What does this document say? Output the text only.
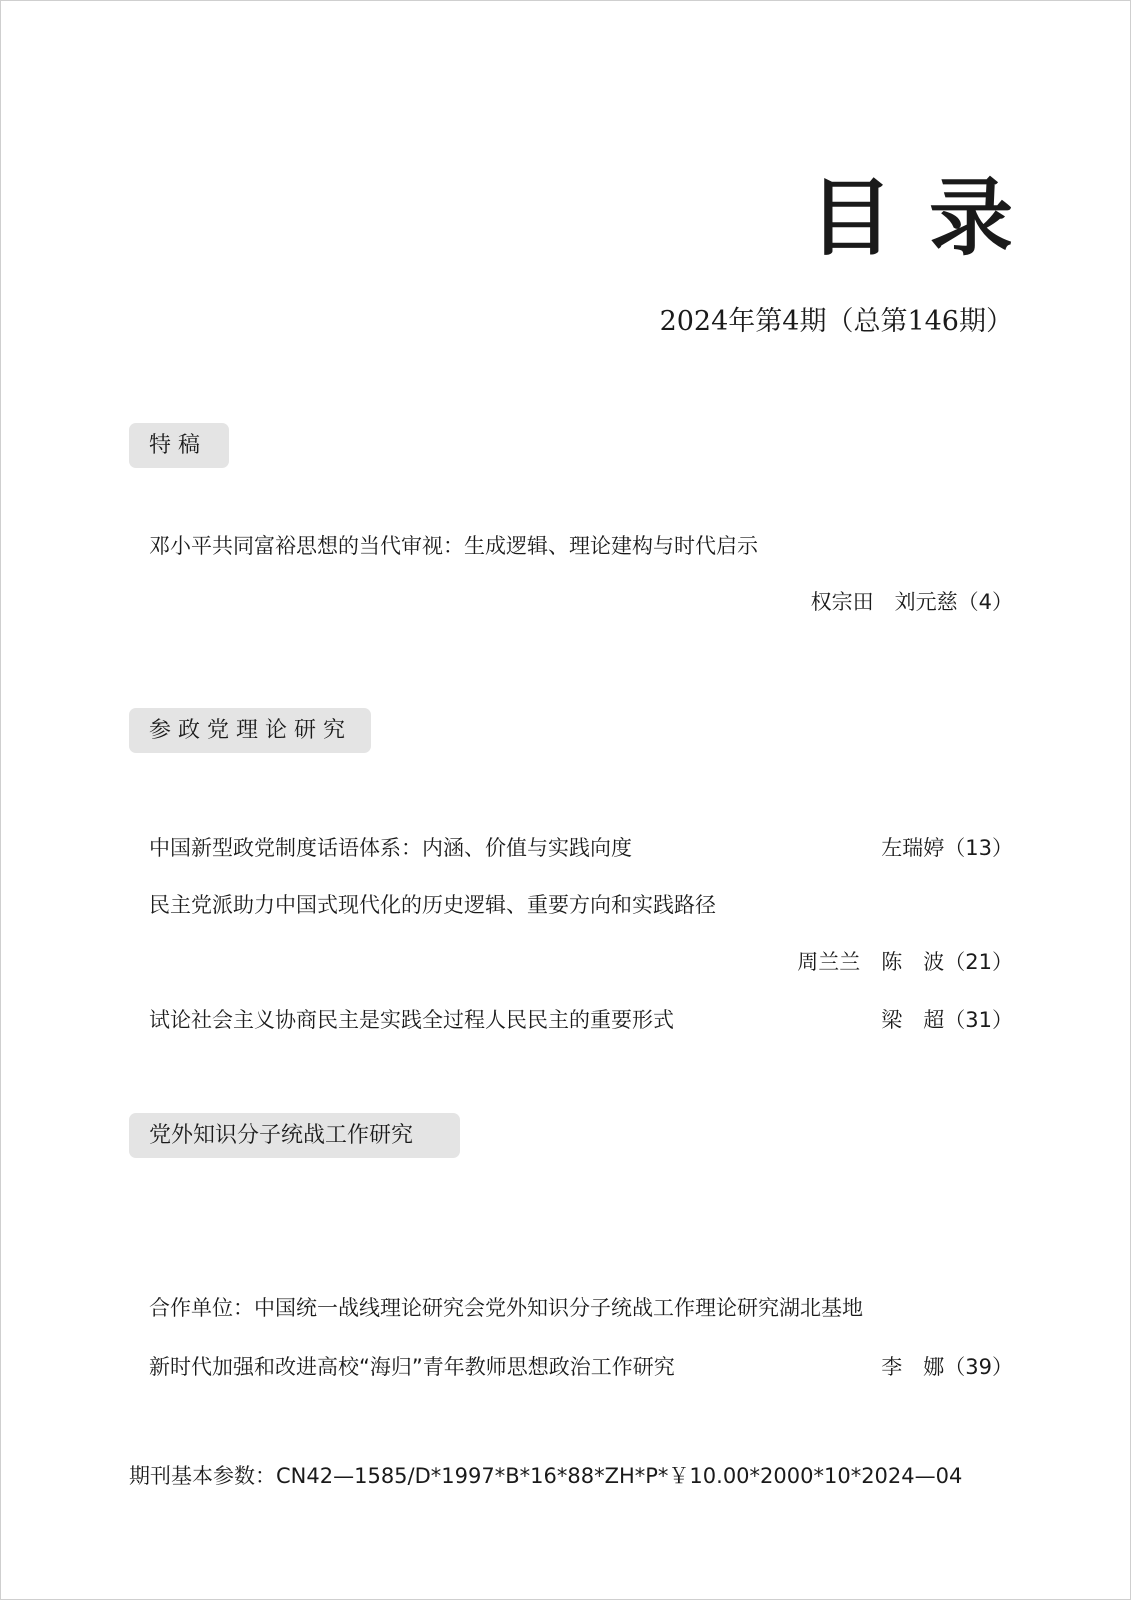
目录
2024年第4期（总第146期）
特 稿
邓小平共同富裕思想的当代审视：生成逻辑、理论建构与时代启示
权宗田　刘元慈（4）
参 政 党 理 论 研 究
中国新型政党制度话语体系：内涵、价值与实践向度	左瑞婷（13）
民主党派助力中国式现代化的历史逻辑、重要方向和实践路径
周兰兰　陈　波（21）
试论社会主义协商民主是实践全过程人民民主的重要形式	梁　超（31）
党外知识分子统战工作研究
合作单位：中国统一战线理论研究会党外知识分子统战工作理论研究湖北基地
新时代加强和改进高校“海归”青年教师思想政治工作研究	李　娜（39）
期刊基本参数：CN42—1585/D*1997*B*16*88*ZH*P*￥10.00*2000*10*2024—04
